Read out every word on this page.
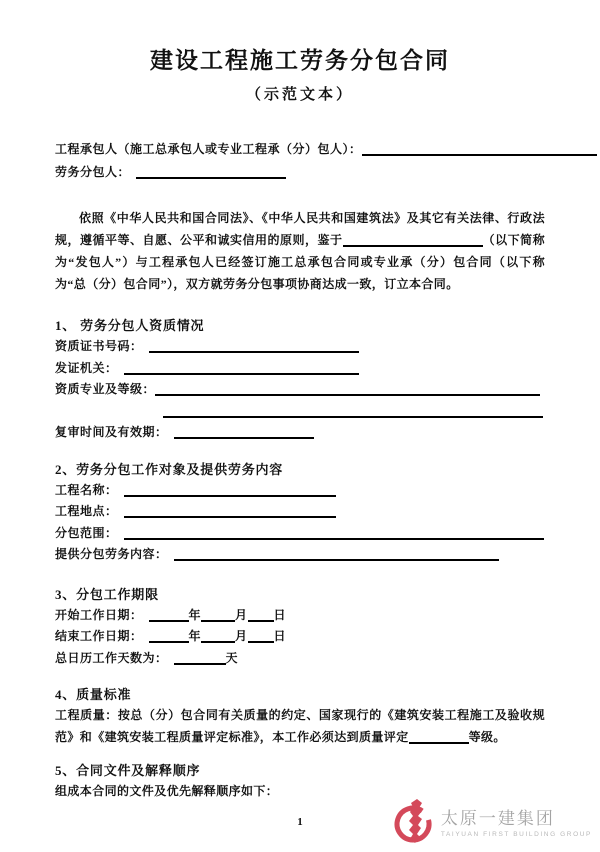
建设工程施工劳务分包合同
（示范文本）
工程承包人（施工总承包人或专业工程承（分）包人）：
劳务分包人：

依照《中华人民共和国合同法》、《中华人民共和国建筑法》及其它有关法律、行政法规，遵循平等、自愿、公平和诚实信用的原则，鉴于	（以下简称为“发包人”）与工程承包人已经签订施工总承包合同或专业承（分）包合同（以下称为“总（分）包合同”），双方就劳务分包事项协商达成一致，订立本合同。

1、 劳务分包人资质情况
资质证书号码：
发证机关：
资质专业及等级：
复审时间及有效期：
2、劳务分包工作对象及提供劳务内容
工程名称：
工程地点：
分包范围：
提供分包劳务内容：
3、分包工作期限
开始工作日期：	年	月 日
结束工作日期：	年	月 日
总日历工作天数为：	天
4、质量标准

工程质量：按总（分）包合同有关质量的约定、国家现行的《建筑安装工程施工及验收规范》和《建筑安装工程质量评定标准》，本工作必须达到质量评定	等级。

5、合同文件及解释顺序

组成本合同的文件及优先解释顺序如下：

1	太原一建集团
TAIYUAN FIRST BUILDING GROUP
